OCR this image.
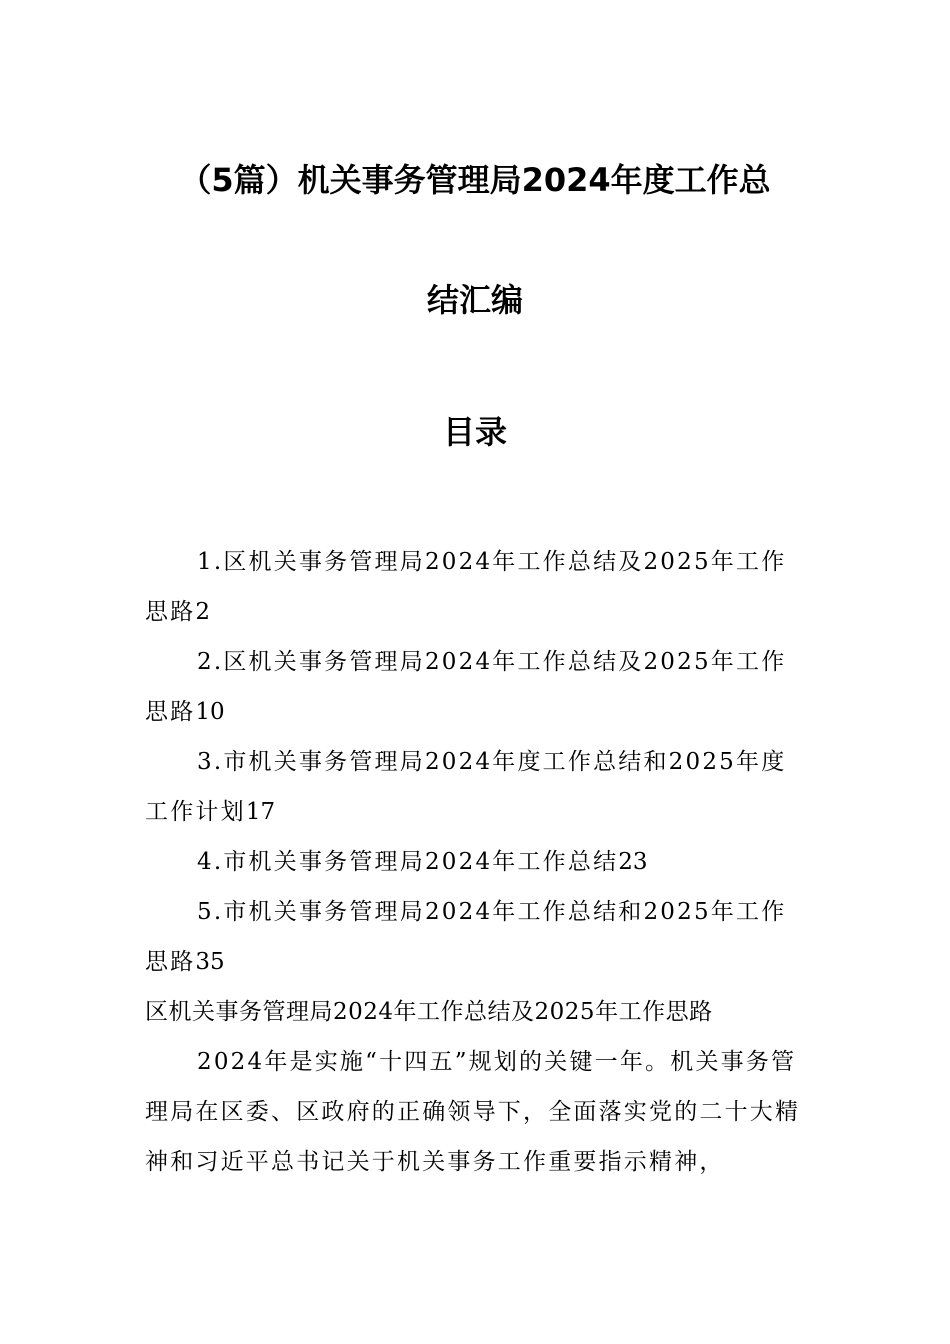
（5篇）机关事务管理局2024年度工作总
结汇编
目录

1.区机关事务管理局2024年工作总结及2025年工作思路2

2.区机关事务管理局2024年工作总结及2025年工作思路10

3.市机关事务管理局2024年度工作总结和2025年度工作计划17

4.市机关事务管理局2024年工作总结23

5.市机关事务管理局2024年工作总结和2025年工作思路35

区机关事务管理局2024年工作总结及2025年工作思路

2024年是实施“十四五”规划的关键一年。机关事务管理局在区委、区政府的正确领导下，全面落实党的二十大精神和习近平总书记关于机关事务工作重要指示精神，
